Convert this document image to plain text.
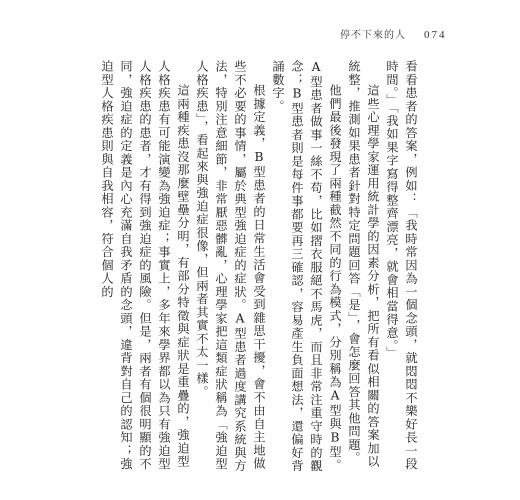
停不下來的人 074

看看患者的答案，例如：「我時常因為一個念頭，就悶悶不樂好長一段時間。」「我如果字寫得整齊漂亮，就會相當得意。」

這些心理學家運用統計學的因素分析，把所有看似相關的答案加以統整，推測如果患者針對特定問題回答「是」，會怎麼回答其他問題。

他們最後發現了兩種截然不同的行為模式，分別稱為A型與B型。A型患者做事一絲不苟，比如摺衣服絕不馬虎，而且非常注重守時的觀念；B型患者則是每件事都要再三確認，容易產生負面想法，還偏好背誦數字。

根據定義，B型患者的日常生活會受到雜思干擾，會不由自主地做些不必要的事情，屬於典型強迫症的症狀。A型患者過度講究系統與方法，特別注意細節，非常厭惡髒亂，心理學家把這類症狀稱為「強迫型人格疾患」，看起來與強迫症很像，但兩者其實不太一樣。

這兩種疾患沒那麼壁壘分明，有部分特徵與症狀是重疊的，強迫型人格疾患有可能演變為強迫症；事實上，多年來學界都以為只有強迫型人格疾患的患者，才有得到強迫症的風險。但是，兩者有個很明顯的不同，強迫症的定義是內心充滿自我矛盾的念頭，違背對自己的認知；強迫型人格疾患則與自我相容，符合個人的
